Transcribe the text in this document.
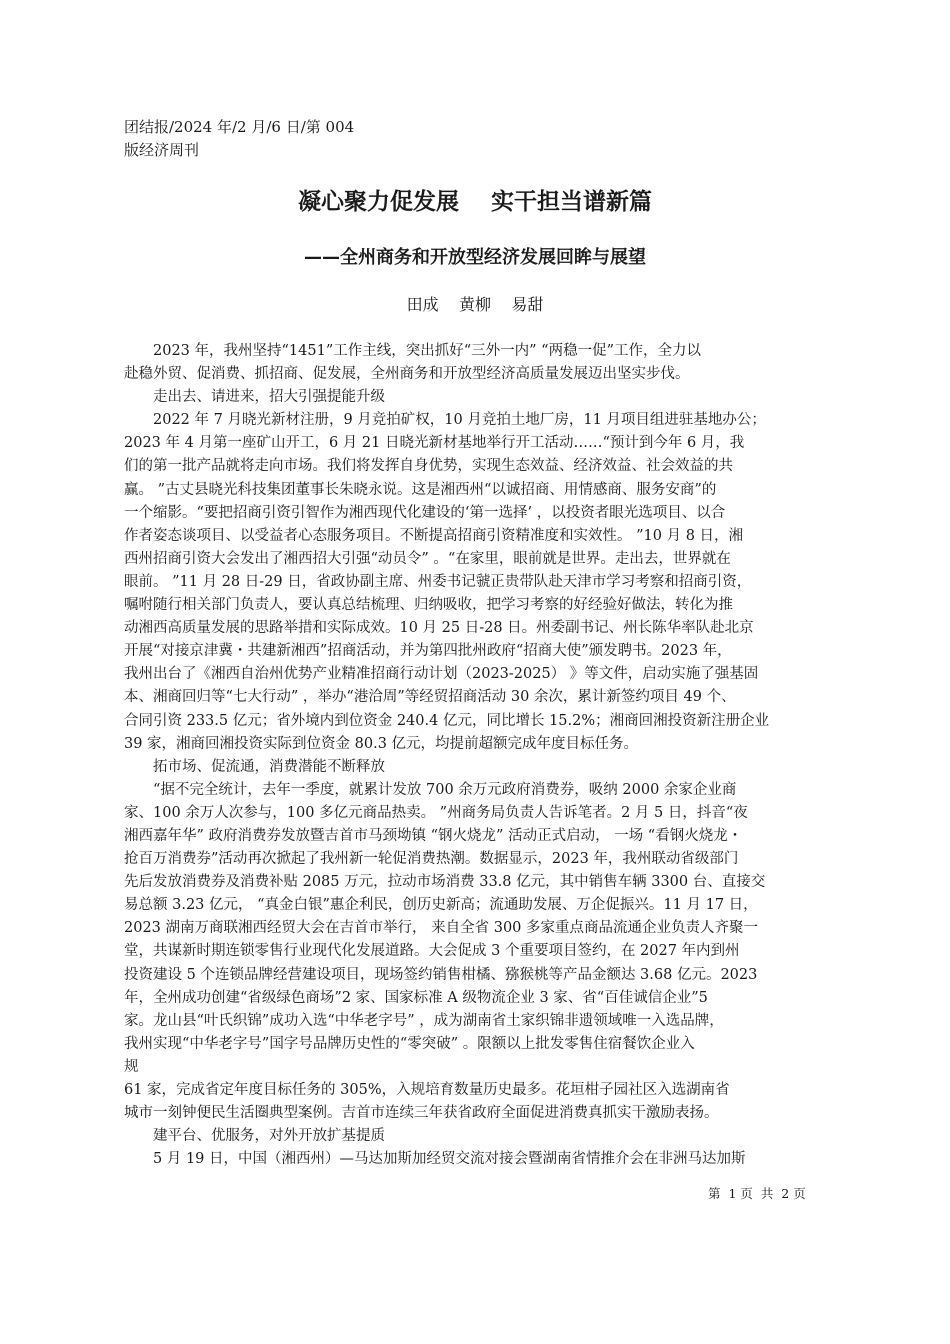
团结报/2024 年/2 月/6 日/第 004
版经济周刊
凝心聚力促发展    实干担当谱新篇
——全州商务和开放型经济发展回眸与展望
田成    黄柳    易甜
2023 年，我州坚持“1451”工作主线，突出抓好“三外一内” “两稳一促”工作，全力以
赴稳外贸、促消费、抓招商、促发展，全州商务和开放型经济高质量发展迈出坚实步伐。
走出去、请进来，招大引强提能升级
2022 年 7 月晓光新材注册，9 月竞拍矿权，10 月竞拍土地厂房，11 月项目组进驻基地办公；
2023 年 4 月第一座矿山开工，6 月 21 日晓光新材基地举行开工活动……“预计到今年 6 月，我
们的第一批产品就将走向市场。我们将发挥自身优势，实现生态效益、经济效益、社会效益的共
赢。 ”古丈县晓光科技集团董事长朱晓永说。这是湘西州“以诚招商、用情感商、服务安商”的
一个缩影。“要把招商引资引智作为湘西现代化建设的‘第一选择’ ，以投资者眼光选项目、以合
作者姿态谈项目、以受益者心态服务项目。不断提高招商引资精准度和实效性。 ”10 月 8 日，湘
西州招商引资大会发出了湘西招大引强“动员令” 。“在家里，眼前就是世界。走出去，世界就在
眼前。 ”11 月 28 日-29 日，省政协副主席、州委书记虢正贵带队赴天津市学习考察和招商引资，
嘱咐随行相关部门负责人，要认真总结梳理、归纳吸收，把学习考察的好经验好做法，转化为推
动湘西高质量发展的思路举措和实际成效。10 月 25 日-28 日。州委副书记、州长陈华率队赴北京
开展“对接京津冀・共建新湘西”招商活动，并为第四批州政府“招商大使”颁发聘书。2023 年，
我州出台了《湘西自治州优势产业精准招商行动计划（2023-2025） 》等文件，启动实施了强基固
本、湘商回归等“七大行动” ，举办“港洽周”等经贸招商活动 30 余次，累计新签约项目 49 个、
合同引资 233.5 亿元；省外境内到位资金 240.4 亿元，同比增长 15.2%；湘商回湘投资新注册企业
39 家，湘商回湘投资实际到位资金 80.3 亿元，均提前超额完成年度目标任务。
拓市场、促流通，消费潜能不断释放
“据不完全统计，去年一季度，就累计发放 700 余万元政府消费券，吸纳 2000 余家企业商
家、100 余万人次参与，100 多亿元商品热卖。 ”州商务局负责人告诉笔者。2 月 5 日，抖音“夜
湘西嘉年华” 政府消费券发放暨吉首市马颈坳镇 “钢火烧龙” 活动正式启动， 一场 “看钢火烧龙・
抢百万消费券”活动再次掀起了我州新一轮促消费热潮。数据显示，2023 年，我州联动省级部门
先后发放消费券及消费补贴 2085 万元，拉动市场消费 33.8 亿元，其中销售车辆 3300 台、直接交
易总额 3.23 亿元， “真金白银”惠企利民，创历史新高；流通助发展、万企促振兴。11 月 17 日，
2023 湖南万商联湘西经贸大会在吉首市举行， 来自全省 300 多家重点商品流通企业负责人齐聚一
堂，共谋新时期连锁零售行业现代化发展道路。大会促成 3 个重要项目签约，在 2027 年内到州
投资建设 5 个连锁品牌经营建设项目，现场签约销售柑橘、猕猴桃等产品金额达 3.68 亿元。2023
年，全州成功创建“省级绿色商场”2 家、国家标准 A 级物流企业 3 家、省“百佳诚信企业”5
家。龙山县“叶氏织锦”成功入选“中华老字号” ，成为湖南省土家织锦非遗领域唯一入选品牌，
我州实现“中华老字号”国字号品牌历史性的“零突破” 。限额以上批发零售住宿餐饮企业入
规
61 家，完成省定年度目标任务的 305%，入规培育数量历史最多。花垣柑子园社区入选湖南省
城市一刻钟便民生活圈典型案例。吉首市连续三年获省政府全面促进消费真抓实干激励表扬。
建平台、优服务，对外开放扩基提质
5 月 19 日，中国（湘西州）—马达加斯加经贸交流对接会暨湖南省情推介会在非洲马达加斯
第  1 页  共  2 页
